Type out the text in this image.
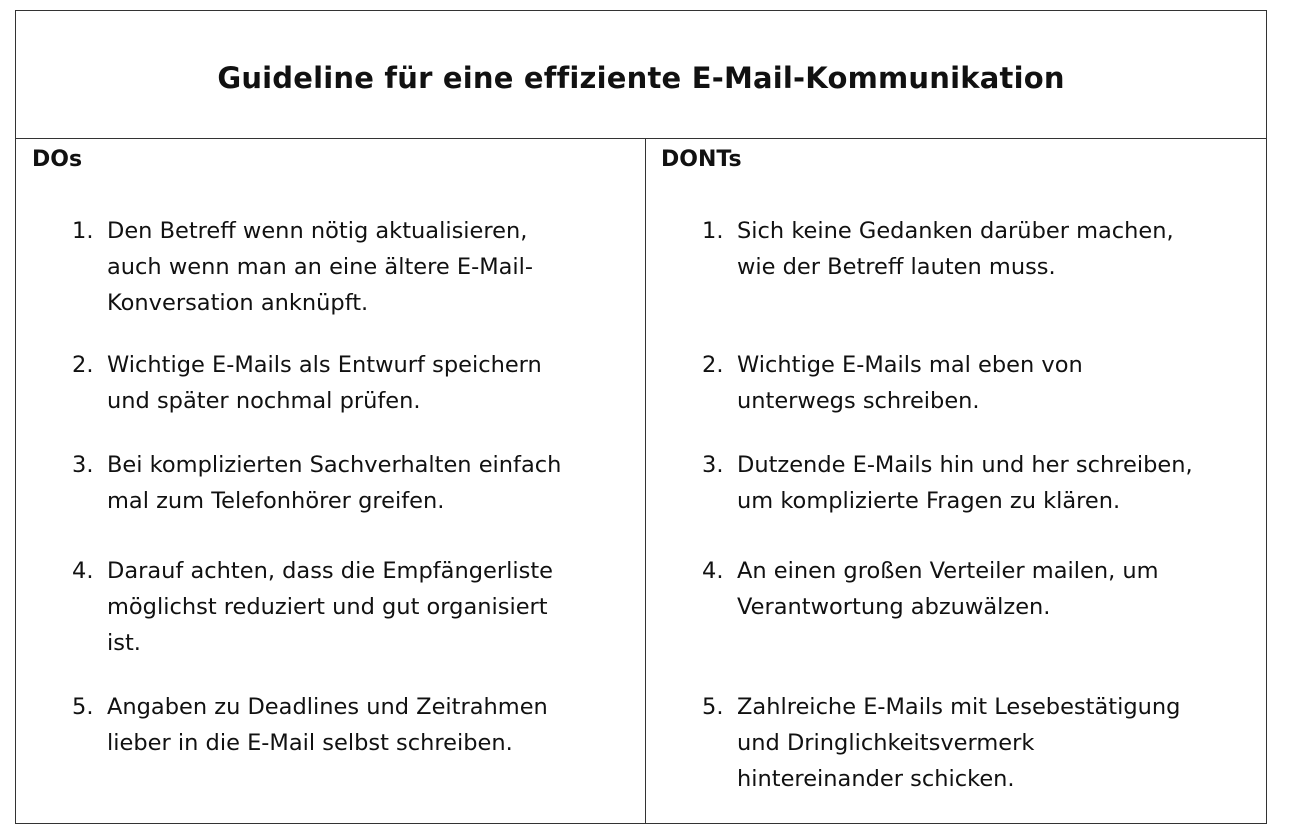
Guideline für eine effiziente E-Mail-Kommunikation
DOs
1. Den Betreff wenn nötig aktualisieren,
auch wenn man an eine ältere E-Mail-
Konversation anknüpft.
2. Wichtige E-Mails als Entwurf speichern
und später nochmal prüfen.
3. Bei komplizierten Sachverhalten einfach
mal zum Telefonhörer greifen.
4. Darauf achten, dass die Empfängerliste
möglichst reduziert und gut organisiert
ist.
5. Angaben zu Deadlines und Zeitrahmen
lieber in die E-Mail selbst schreiben.
DONTs
1. Sich keine Gedanken darüber machen,
wie der Betreff lauten muss.
2. Wichtige E-Mails mal eben von
unterwegs schreiben.
3. Dutzende E-Mails hin und her schreiben,
um komplizierte Fragen zu klären.
4. An einen großen Verteiler mailen, um
Verantwortung abzuwälzen.
5. Zahlreiche E-Mails mit Lesebestätigung
und Dringlichkeitsvermerk
hintereinander schicken.
